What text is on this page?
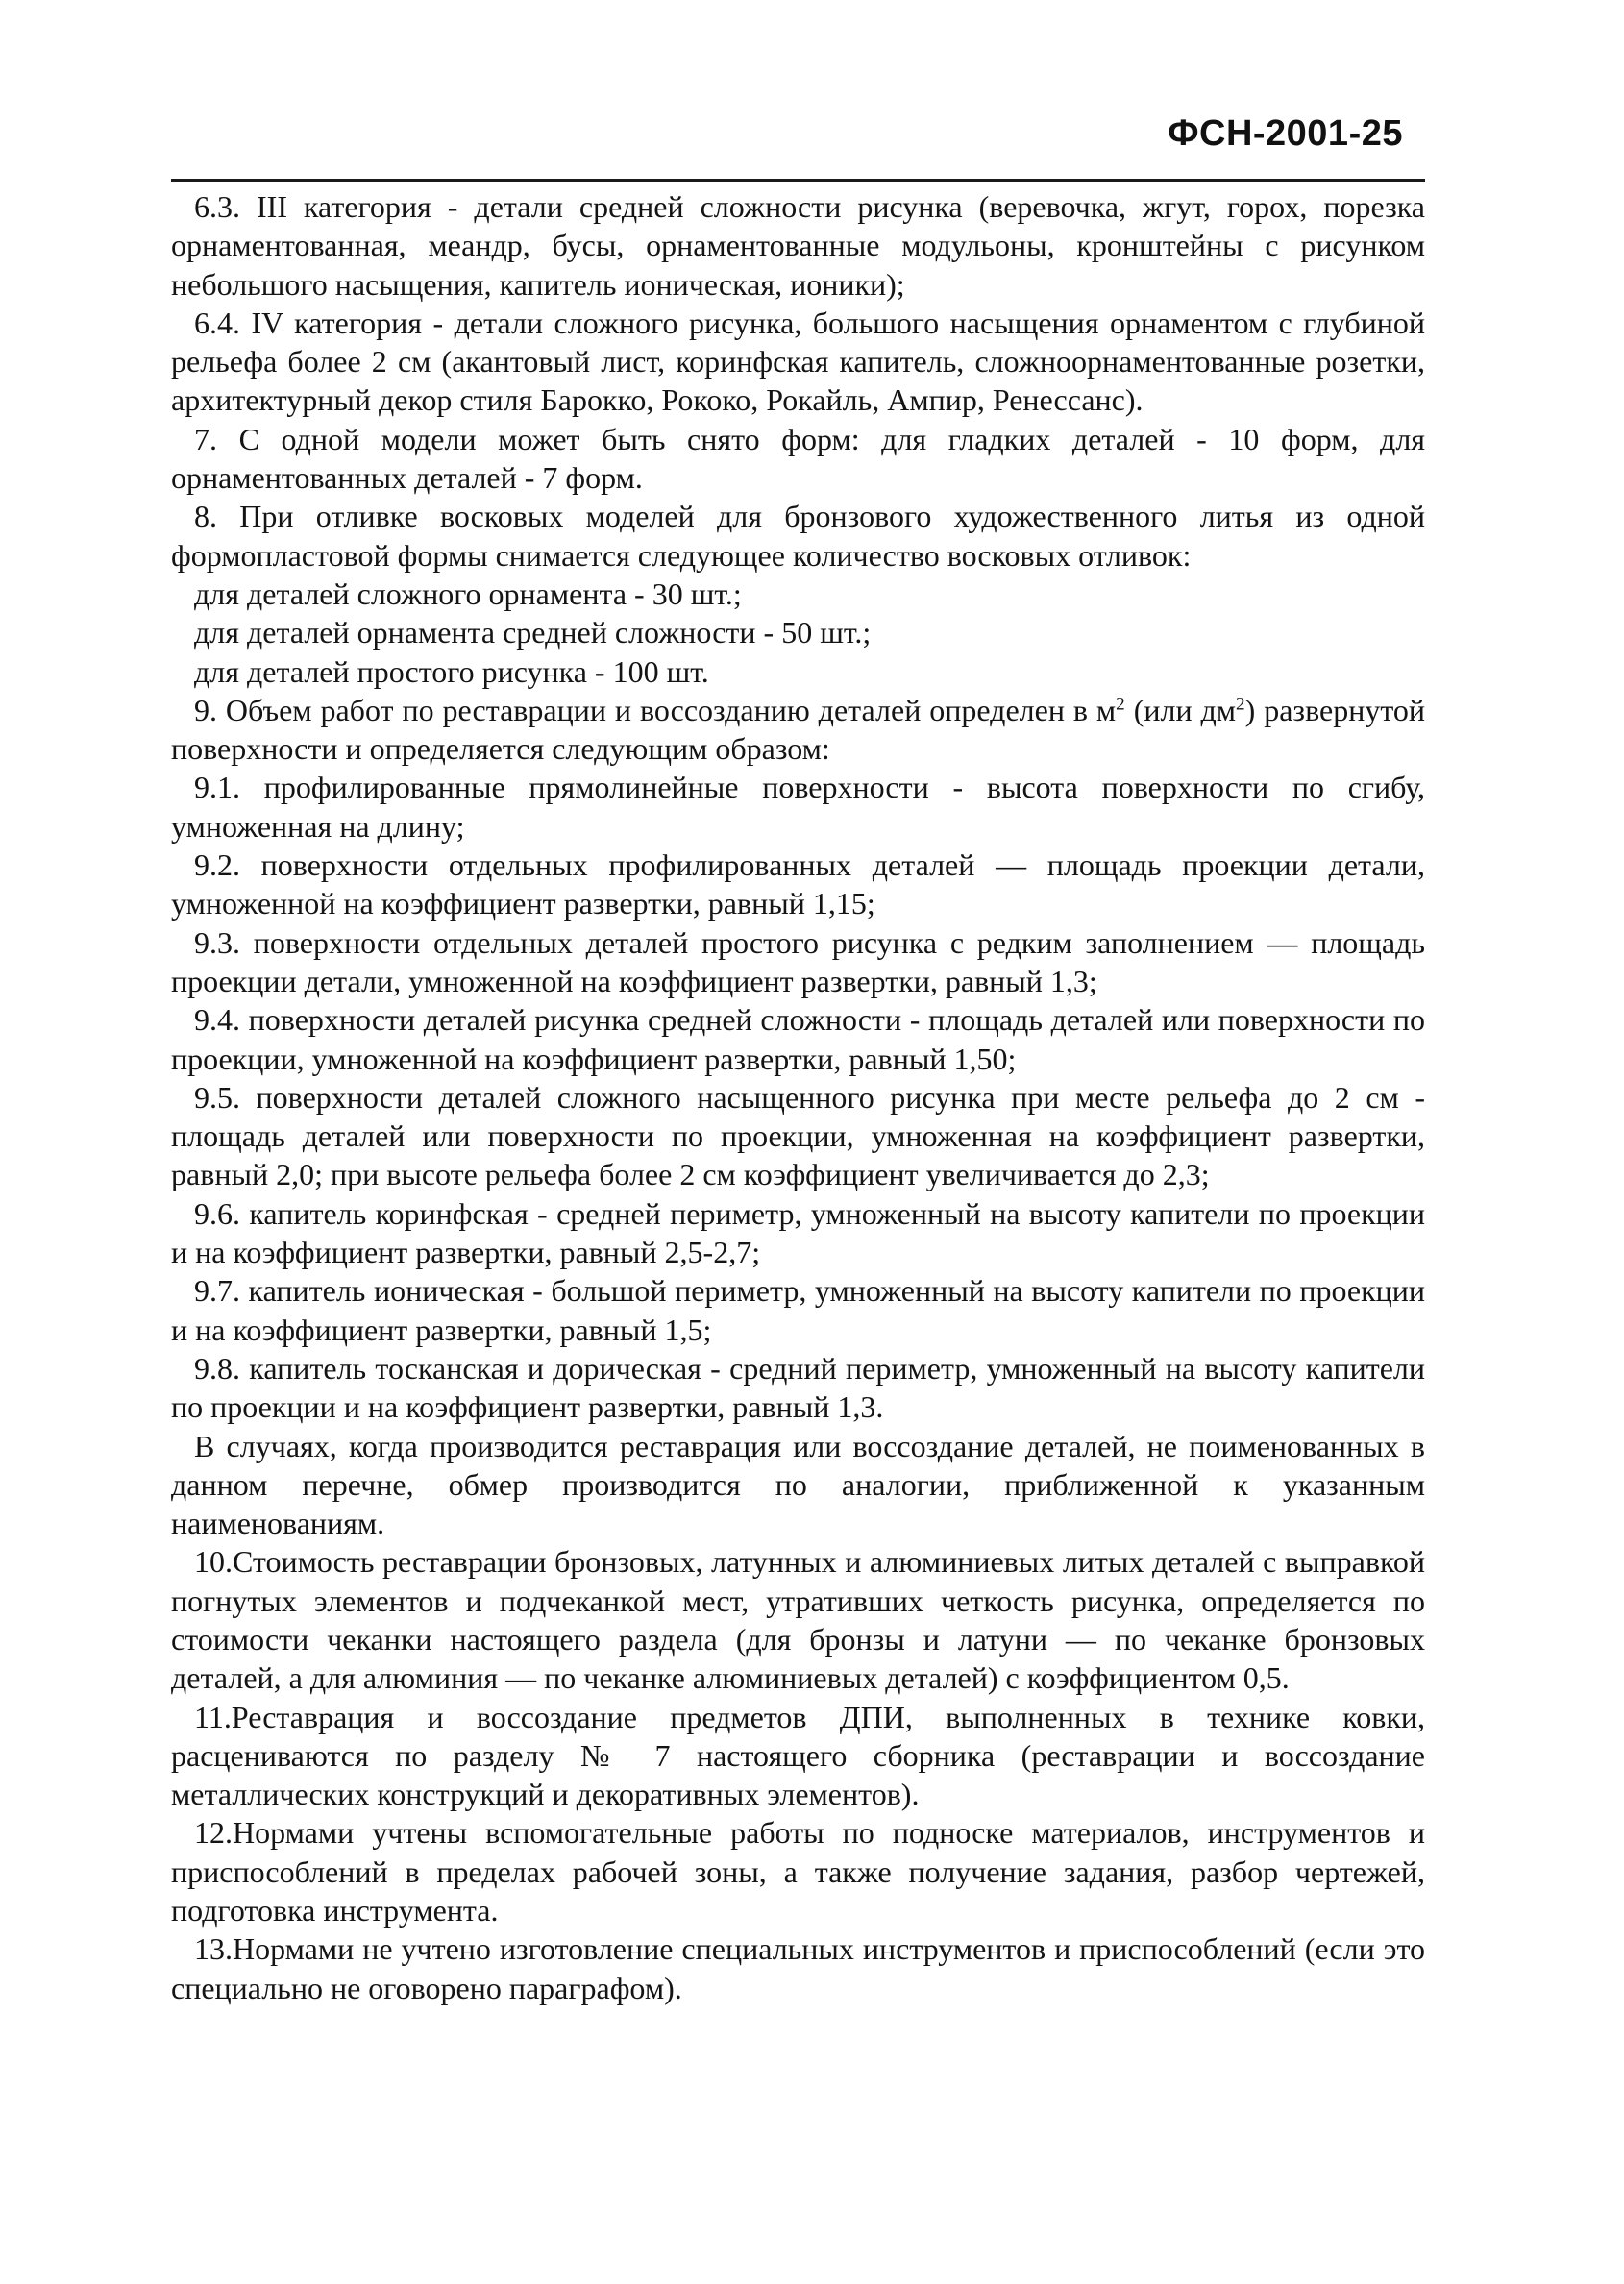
ФСН-2001-25

6.3. III категория - детали средней сложности рисунка (веревочка, жгут, горох, порезка орнаментованная, меандр, бусы, орнаментованные модульоны, кронштейны с рисунком небольшого насыщения, капитель ионическая, ионики);

6.4. IV категория - детали сложного рисунка, большого насыщения орнаментом с глубиной рельефа более 2 см (акантовый лист, коринфская капитель, сложноорнаментованные розетки, архитектурный декор стиля Барокко, Рококо, Рокайль, Ампир, Ренессанс).

7. С одной модели может быть снято форм: для гладких деталей - 10 форм, для орнаментованных деталей - 7 форм.

8. При отливке восковых моделей для бронзового художественного литья из одной формопластовой формы снимается следующее количество восковых отливок:

для деталей сложного орнамента - 30 шт.;

для деталей орнамента средней сложности - 50 шт.;

для деталей простого рисунка - 100 шт.

9. Объем работ по реставрации и воссозданию деталей определен в $м^2$ (или $дм^2$) развернутой поверхности и определяется следующим образом:

9.1. профилированные прямолинейные поверхности - высота поверхности по сгибу, умноженная на длину;

9.2. поверхности отдельных профилированных деталей — площадь проекции детали, умноженной на коэффициент развертки, равный 1,15;

9.3. поверхности отдельных деталей простого рисунка с редким заполнением — площадь проекции детали, умноженной на коэффициент развертки, равный 1,3;

9.4. поверхности деталей рисунка средней сложности - площадь деталей или поверхности по проекции, умноженной на коэффициент развертки, равный 1,50;

9.5. поверхности деталей сложного насыщенного рисунка при месте рельефа до 2 см - площадь деталей или поверхности по проекции, умноженная на коэффициент развертки, равный 2,0; при высоте рельефа более 2 см коэффициент увеличивается до 2,3;

9.6. капитель коринфская - средней периметр, умноженный на высоту капители по проекции и на коэффициент развертки, равный 2,5-2,7;

9.7. капитель ионическая - большой периметр, умноженный на высоту капители по проекции и на коэффициент развертки, равный 1,5;

9.8. капитель тосканская и дорическая - средний периметр, умноженный на высоту капители по проекции и на коэффициент развертки, равный 1,3.

В случаях, когда производится реставрация или воссоздание деталей, не поименованных в данном перечне, обмер производится по аналогии, приближенной к указанным наименованиям.

10.Стоимость реставрации бронзовых, латунных и алюминиевых литых деталей с выправкой погнутых элементов и подчеканкой мест, утративших четкость рисунка, определяется по стоимости чеканки настоящего раздела (для бронзы и латуни — по чеканке бронзовых деталей, а для алюминия — по чеканке алюминиевых деталей) с коэффициентом 0,5.

11.Реставрация и воссоздание предметов ДПИ, выполненных в технике ковки, расцениваются по разделу № 7 настоящего сборника (реставрации и воссоздание металлических конструкций и декоративных элементов).

12.Нормами учтены вспомогательные работы по подноске материалов, инструментов и приспособлений в пределах рабочей зоны, а также получение задания, разбор чертежей, подготовка инструмента.

13.Нормами не учтено изготовление специальных инструментов и приспособлений (если это специально не оговорено параграфом).
